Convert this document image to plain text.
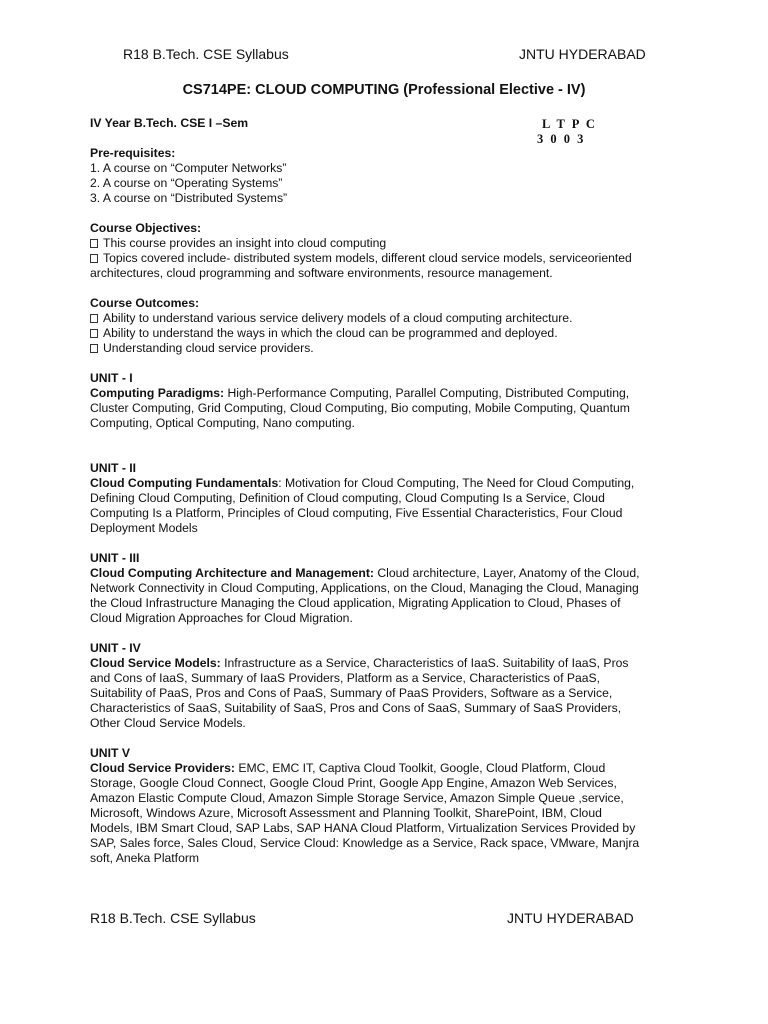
R18 B.Tech. CSE Syllabus	JNTU HYDERABAD
CS714PE: CLOUD COMPUTING (Professional Elective - IV)
IV Year B.Tech. CSE I –Sem	L T P C
3 0 0 3
Pre-requisites:
1. A course on “Computer Networks”
2. A course on “Operating Systems”
3. A course on “Distributed Systems”
Course Objectives:
This course provides an insight into cloud computing
Topics covered include- distributed system models, different cloud service models, serviceoriented
architectures, cloud programming and software environments, resource management.
Course Outcomes:
Ability to understand various service delivery models of a cloud computing architecture.
Ability to understand the ways in which the cloud can be programmed and deployed.
Understanding cloud service providers.
UNIT - I
Computing Paradigms: High-Performance Computing, Parallel Computing, Distributed Computing,
Cluster Computing, Grid Computing, Cloud Computing, Bio computing, Mobile Computing, Quantum
Computing, Optical Computing, Nano computing.
UNIT - II
Cloud Computing Fundamentals: Motivation for Cloud Computing, The Need for Cloud Computing,
Defining Cloud Computing, Definition of Cloud computing, Cloud Computing Is a Service, Cloud
Computing Is a Platform, Principles of Cloud computing, Five Essential Characteristics, Four Cloud
Deployment Models
UNIT - III
Cloud Computing Architecture and Management: Cloud architecture, Layer, Anatomy of the Cloud,
Network Connectivity in Cloud Computing, Applications, on the Cloud, Managing the Cloud, Managing
the Cloud Infrastructure Managing the Cloud application, Migrating Application to Cloud, Phases of
Cloud Migration Approaches for Cloud Migration.
UNIT - IV
Cloud Service Models: Infrastructure as a Service, Characteristics of IaaS. Suitability of IaaS, Pros
and Cons of IaaS, Summary of IaaS Providers, Platform as a Service, Characteristics of PaaS,
Suitability of PaaS, Pros and Cons of PaaS, Summary of PaaS Providers, Software as a Service,
Characteristics of SaaS, Suitability of SaaS, Pros and Cons of SaaS, Summary of SaaS Providers,
Other Cloud Service Models.
UNIT V
Cloud Service Providers: EMC, EMC IT, Captiva Cloud Toolkit, Google, Cloud Platform, Cloud
Storage, Google Cloud Connect, Google Cloud Print, Google App Engine, Amazon Web Services,
Amazon Elastic Compute Cloud, Amazon Simple Storage Service, Amazon Simple Queue ,service,
Microsoft, Windows Azure, Microsoft Assessment and Planning Toolkit, SharePoint, IBM, Cloud
Models, IBM Smart Cloud, SAP Labs, SAP HANA Cloud Platform, Virtualization Services Provided by
SAP, Sales force, Sales Cloud, Service Cloud: Knowledge as a Service, Rack space, VMware, Manjra
soft, Aneka Platform
R18 B.Tech. CSE Syllabus	JNTU HYDERABAD
